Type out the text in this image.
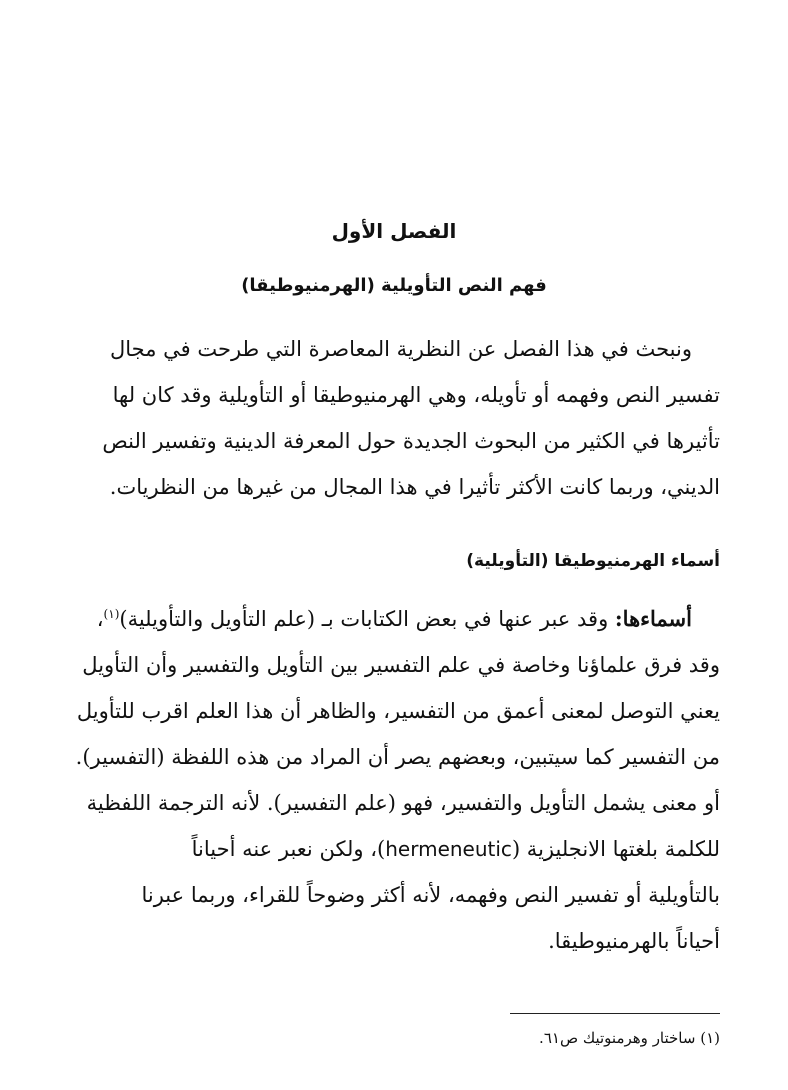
الفصل الأول
فهم النص التأويلية (الهرمنيوطيقا)
ونبحث في هذا الفصل عن النظرية المعاصرة التي طرحت في مجال
تفسير النص وفهمه أو تأويله، وهي الهرمنيوطيقا أو التأويلية وقد كان لها
تأثيرها في الكثير من البحوث الجديدة حول المعرفة الدينية وتفسير النص
الديني، وربما كانت الأكثر تأثيرا في هذا المجال من غيرها من النظريات.
أسماء الهرمنيوطيقا (التأويلية)
أسماءها: وقد عبر عنها في بعض الكتابات بـ (علم التأويل والتأويلية)$^{(١)}$،
وقد فرق علماؤنا وخاصة في علم التفسير بين التأويل والتفسير وأن التأويل
يعني التوصل لمعنى أعمق من التفسير، والظاهر أن هذا العلم اقرب للتأويل
من التفسير كما سيتبين، وبعضهم يصر أن المراد من هذه اللفظة (التفسير).
أو معنى يشمل التأويل والتفسير، فهو (علم التفسير). لأنه الترجمة اللفظية
للكلمة بلغتها الانجليزية (hermeneutic)، ولكن نعبر عنه أحياناً
بالتأويلية أو تفسير النص وفهمه، لأنه أكثر وضوحاً للقراء، وربما عبرنا
أحياناً بالهرمنيوطيقا.
(١) ساختار وهرمنوتيك ص٦١.
